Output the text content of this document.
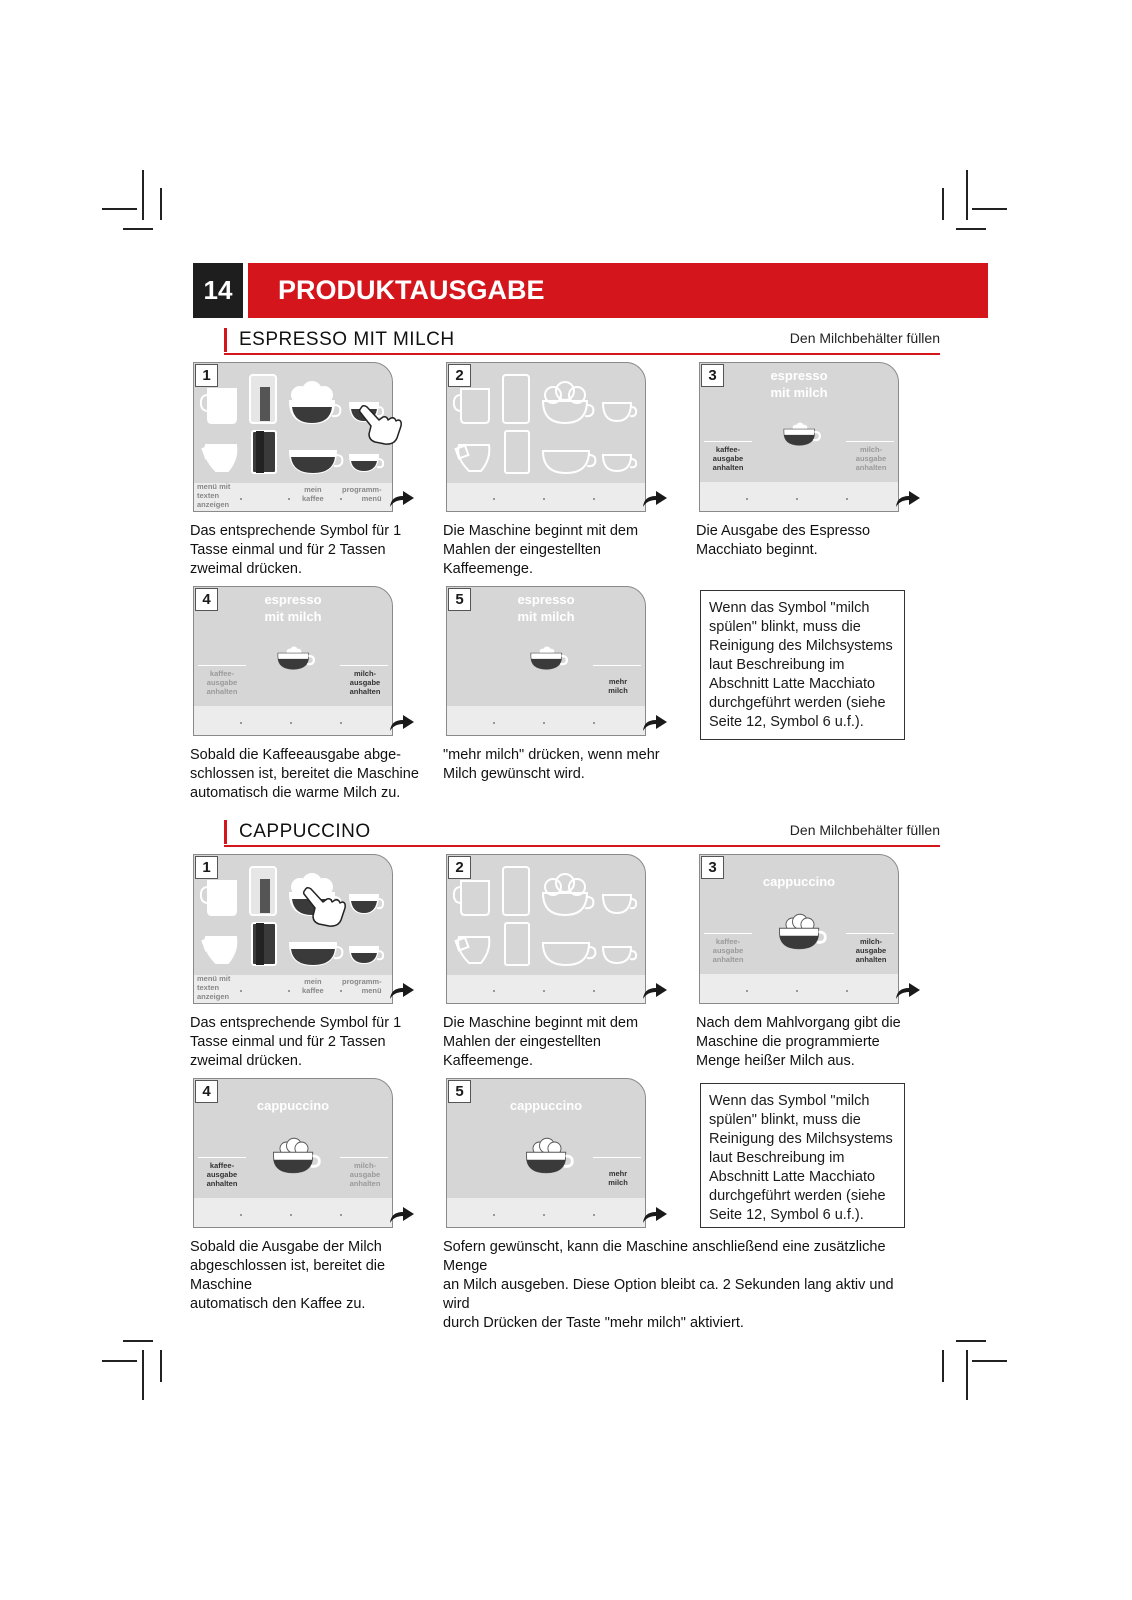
14	PRODUKTAUSGABE
ESPRESSO MIT MILCH	Den Milchbehälter füllen
1
menü mit
texten
anzeigen
mein
kaffee
programm-
menü
Das entsprechende Symbol für 1
Tasse einmal und für 2 Tassen
zweimal drücken.
2
Die Maschine beginnt mit dem
Mahlen der eingestellten
Kaffeemenge.
3	espresso
mit milch
kaffee-
ausgabe
anhalten
milch-
ausgabe
anhalten
Die Ausgabe des Espresso
Macchiato beginnt.
4	espresso
mit milch
kaffee-
ausgabe
anhalten
milch-
ausgabe
anhalten
Sobald die Kaffeeausgabe abge-
schlossen ist, bereitet die Maschine
automatisch die warme Milch zu.
5	espresso
mit milch
mehr
milch
"mehr milch" drücken, wenn mehr
Milch gewünscht wird.
Wenn das Symbol "milch
spülen" blinkt, muss die
Reinigung des Milchsystems
laut Beschreibung im
Abschnitt Latte Macchiato
durchgeführt werden (siehe
Seite 12, Symbol 6 u.f.).
CAPPUCCINO	Den Milchbehälter füllen
1
menü mit
texten
anzeigen
mein
kaffee
programm-
menü
Das entsprechende Symbol für 1
Tasse einmal und für 2 Tassen
zweimal drücken.
2
Die Maschine beginnt mit dem
Mahlen der eingestellten
Kaffeemenge.
3
cappuccino
kaffee-
ausgabe
anhalten
milch-
ausgabe
anhalten
Nach dem Mahlvorgang gibt die
Maschine die programmierte
Menge heißer Milch aus.
4
cappuccino
kaffee-
ausgabe
anhalten
milch-
ausgabe
anhalten
Sobald die Ausgabe der Milch
abgeschlossen ist, bereitet die Maschine
automatisch den Kaffee zu.
5
cappuccino
mehr
milch
Sofern gewünscht, kann die Maschine anschließend eine zusätzliche Menge
an Milch ausgeben. Diese Option bleibt ca. 2 Sekunden lang aktiv und wird
durch Drücken der Taste "mehr milch" aktiviert.
Wenn das Symbol "milch
spülen" blinkt, muss die
Reinigung des Milchsystems
laut Beschreibung im
Abschnitt Latte Macchiato
durchgeführt werden (siehe
Seite 12, Symbol 6 u.f.).
